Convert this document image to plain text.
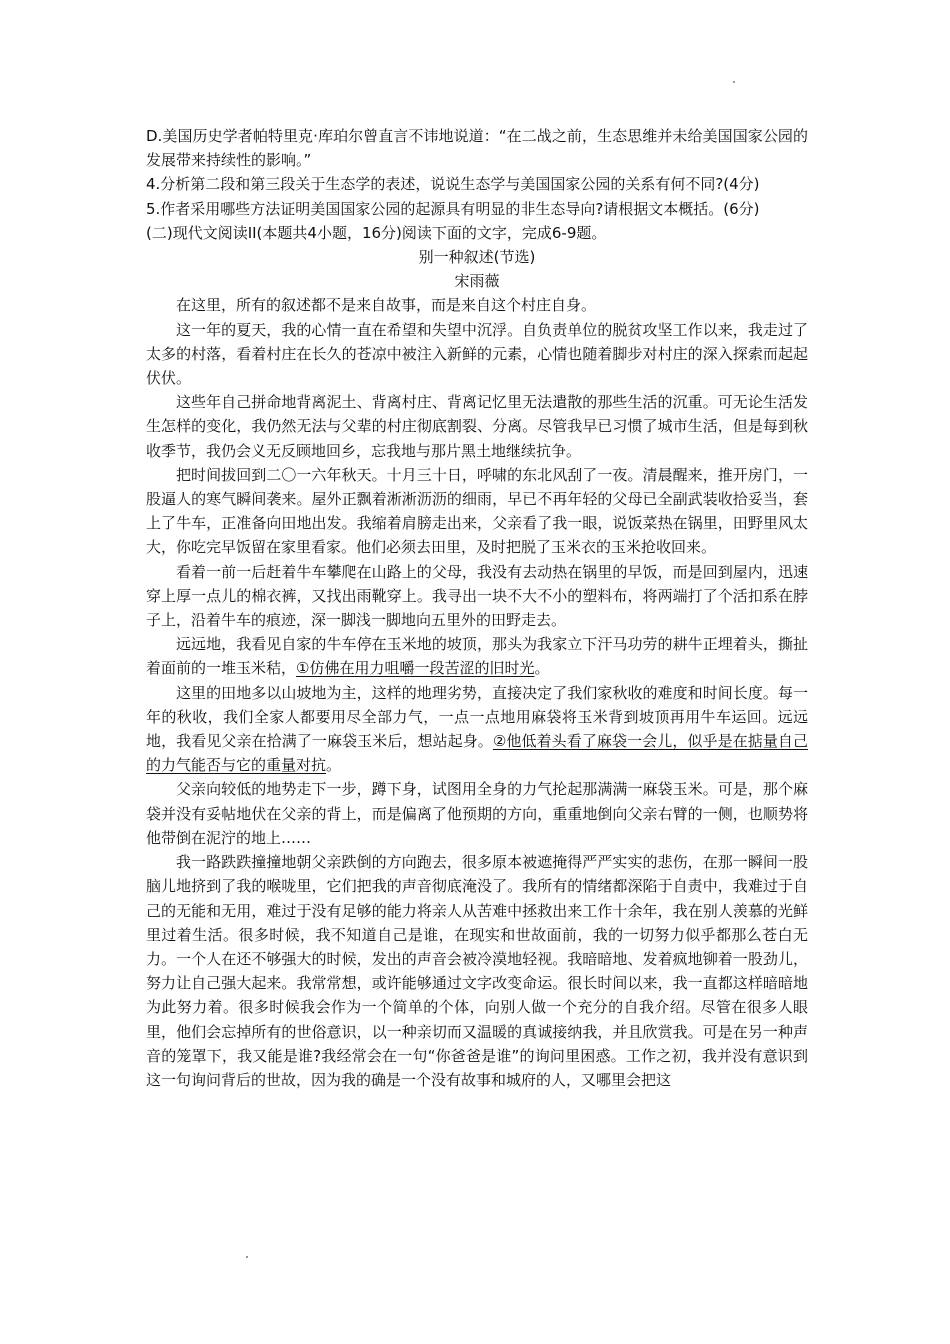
D.美国历史学者帕特里克·库珀尔曾直言不讳地说道：“在二战之前，生态思维并未给美国国家公园的发展带来持续性的影响。”

4.分析第二段和第三段关于生态学的表述，说说生态学与美国国家公园的关系有何不同?(4分)

5.作者采用哪些方法证明美国国家公园的起源具有明显的非生态导向?请根据文本概括。(6分)

(二)现代文阅读II(本题共4小题，16分)阅读下面的文字，完成6-9题。

别一种叙述(节选)

宋雨薇

在这里，所有的叙述都不是来自故事，而是来自这个村庄自身。

这一年的夏天，我的心情一直在希望和失望中沉浮。自负责单位的脱贫攻坚工作以来，我走过了太多的村落，看着村庄在长久的苍凉中被注入新鲜的元素，心情也随着脚步对村庄的深入探索而起起伏伏。

这些年自己拼命地背离泥土、背离村庄、背离记忆里无法遣散的那些生活的沉重。可无论生活发生怎样的变化，我仍然无法与父辈的村庄彻底割裂、分离。尽管我早已习惯了城市生活，但是每到秋收季节，我仍会义无反顾地回乡，忘我地与那片黑土地继续抗争。

把时间拔回到二〇一六年秋天。十月三十日，呼啸的东北风刮了一夜。清晨醒来，推开房门，一股逼人的寒气瞬间袭来。屋外正飘着淅淅沥沥的细雨，早已不再年轻的父母已全副武装收拾妥当，套上了牛车，正准备向田地出发。我缩着肩膀走出来，父亲看了我一眼，说饭菜热在锅里，田野里风太大，你吃完早饭留在家里看家。他们必须去田里，及时把脱了玉米衣的玉米抢收回来。

看着一前一后赶着牛车攀爬在山路上的父母，我没有去动热在锅里的早饭，而是回到屋内，迅速穿上厚一点儿的棉衣裤，又找出雨靴穿上。我寻出一块不大不小的塑料布，将两端打了个活扣系在脖子上，沿着牛车的痕迹，深一脚浅一脚地向五里外的田野走去。

远远地，我看见自家的牛车停在玉米地的坡顶，那头为我家立下汗马功劳的耕牛正埋着头，撕扯着面前的一堆玉米秸，①仿佛在用力咀嚼一段苦涩的旧时光。

这里的田地多以山坡地为主，这样的地理劣势，直接决定了我们家秋收的难度和时间长度。每一年的秋收，我们全家人都要用尽全部力气，一点一点地用麻袋将玉米背到坡顶再用牛车运回。远远地，我看见父亲在拾满了一麻袋玉米后，想站起身。②他低着头看了麻袋一会儿，似乎是在掂量自己的力气能否与它的重量对抗。

父亲向较低的地势走下一步，蹲下身，试图用全身的力气抡起那满满一麻袋玉米。可是，那个麻袋并没有妥帖地伏在父亲的背上，而是偏离了他预期的方向，重重地倒向父亲右臂的一侧，也顺势将他带倒在泥泞的地上……

我一路跌跌撞撞地朝父亲跌倒的方向跑去，很多原本被遮掩得严严实实的悲伤，在那一瞬间一股脑儿地挤到了我的喉咙里，它们把我的声音彻底淹没了。我所有的情绪都深陷于自责中，我难过于自己的无能和无用，难过于没有足够的能力将亲人从苦难中拯救出来工作十余年，我在别人羡慕的光鲜里过着生活。很多时候，我不知道自己是谁，在现实和世故面前，我的一切努力似乎都那么苍白无力。一个人在还不够强大的时候，发出的声音会被冷漠地轻视。我暗暗地、发着疯地铆着一股劲儿，努力让自己强大起来。我常常想，或许能够通过文字改变命运。很长时间以来，我一直都这样暗暗地为此努力着。很多时候我会作为一个简单的个体，向别人做一个充分的自我介绍。尽管在很多人眼里，他们会忘掉所有的世俗意识，以一种亲切而又温暖的真诚接纳我，并且欣赏我。可是在另一种声音的笼罩下，我又能是谁?我经常会在一句“你爸爸是谁”的询问里困惑。工作之初，我并没有意识到这一句询问背后的世故，因为我的确是一个没有故事和城府的人，又哪里会把这
